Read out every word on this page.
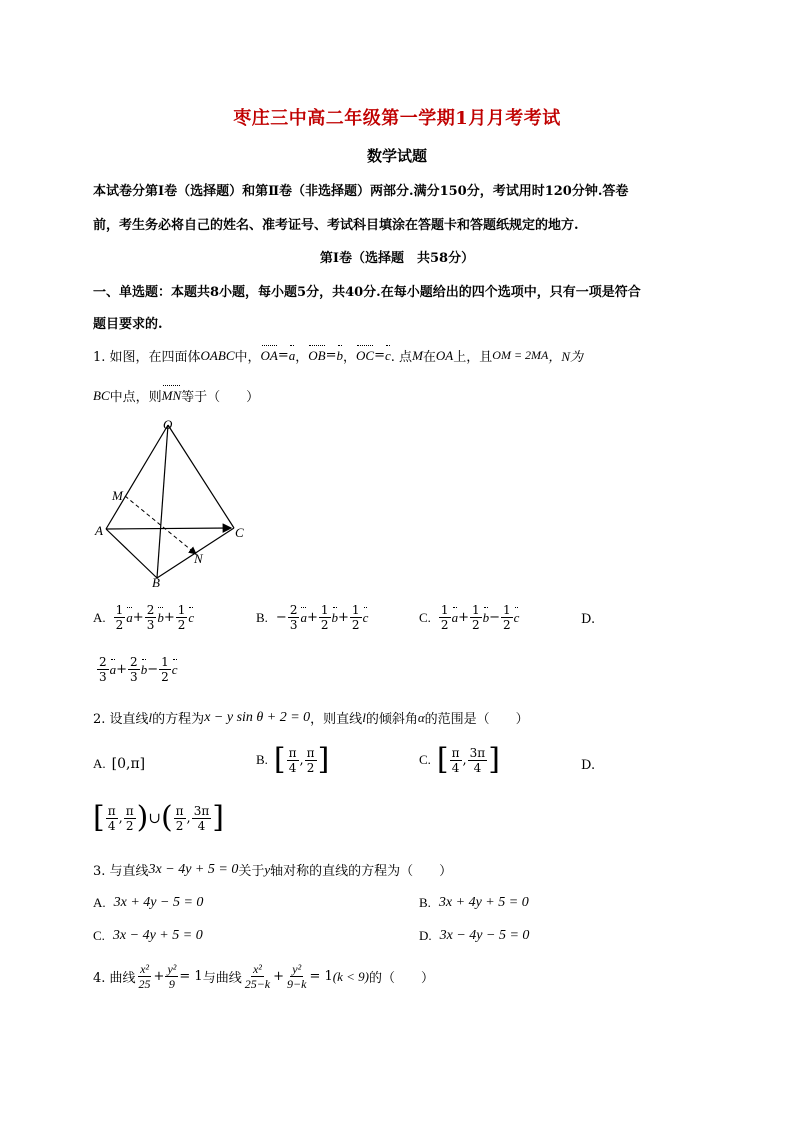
枣庄三中高二年级第一学期1月月考考试
数学试题
本试卷分第Ⅰ卷（选择题）和第Ⅱ卷（非选择题）两部分.满分150分，考试用时120分钟.答卷
前，考生务必将自己的姓名、准考证号、考试科目填涂在答题卡和答题纸规定的地方.
第Ⅰ卷（选择题　共58分）
一、单选题：本题共8小题，每小题5分，共40分.在每小题给出的四个选项中，只有一项是符合
题目要求的.
1. 如图，在四面体 OABC 中， OA = a ， OB = b ， OC = c . 点 M 在 OA 上，且 OM = 2MA ，N为
BC 中点，则 MN 等于（　　）
O
M
A	C
N
B
A. $\frac{1}{2}$ $a + \frac{2}{3}$ $b + \frac{1}{2}$ c	B. − $\frac{2}{3}$ $a + \frac{1}{2}$ $b + \frac{1}{2}$ c	C. $\frac{1}{2}$ $a + \frac{1}{2}$ $b - \frac{1}{2}$ c	D.
$\frac{2}{3}$ $a + \frac{2}{3}$ $b - \frac{1}{2}$ c
2. 设直线 l 的方程为 x − y sin θ + 2 = 0 ，则直线 l 的倾斜角 α 的范围是（　　）
A. [0,π]	B. [ $\frac{\pi}{4}$ , $\frac{\pi}{2}$ ]	C. [ $\frac{\pi}{4}$ , $\frac{3\pi}{4}$ ]	D.
[ $\frac{\pi}{4}$ , $\frac{\pi}{2}$ ) ∪ ( $\frac{\pi}{2}$ , $\frac{3\pi}{4}$ ]
3. 与直线 3x − 4y + 5 = 0 关于 y 轴对称的直线的方程为（　　）
A. 3x + 4y − 5 = 0	B. 3x + 4y + 5 = 0
C. 3x − 4y + 5 = 0	D. 3x − 4y − 5 = 0
4. 曲线 $\frac{\text{x²}}{25} + \frac{\text{y²}}{9} = 1$ 与曲线 $\frac{\text{x²}}{25-k} + \frac{\text{y²}}{9-k} = 1$ (k < 9) 的（　　）
